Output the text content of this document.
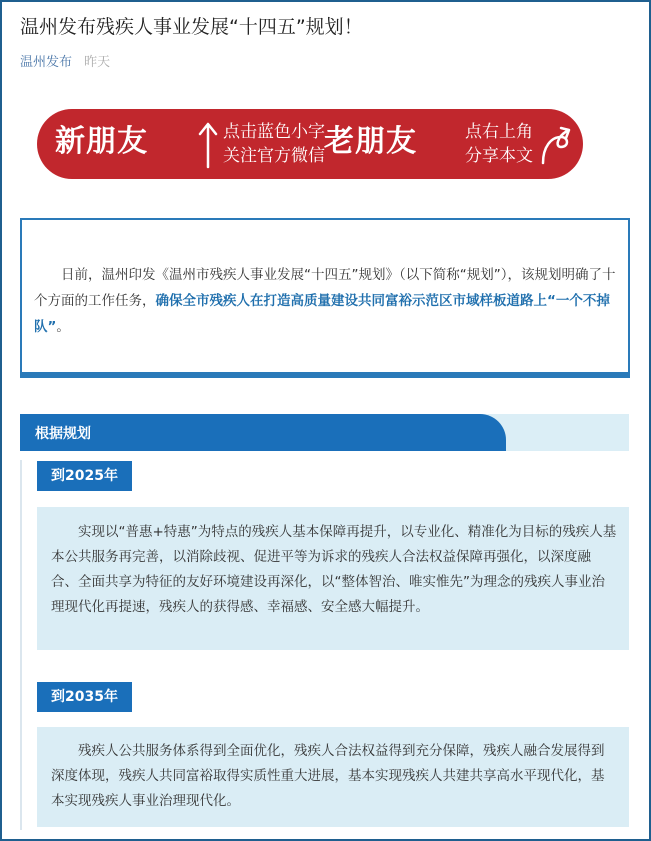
温州发布残疾人事业发展“十四五”规划！
温州发布 昨天
新朋友	点击蓝色小字
关注官方微信 老朋友	点右上角
分享本文

日前，温州印发《温州市残疾人事业发展“十四五”规划》（以下简称“规划”），该规划明确了十个方面的工作任务，确保全市残疾人在打造高质量建设共同富裕示范区市域样板道路上“一个不掉队”。

根据规划
到2025年

实现以“普惠+特惠”为特点的残疾人基本保障再提升，以专业化、精准化为目标的残疾人基本公共服务再完善，以消除歧视、促进平等为诉求的残疾人合法权益保障再强化，以深度融合、全面共享为特征的友好环境建设再深化，以“整体智治、唯实惟先”为理念的残疾人事业治理现代化再提速，残疾人的获得感、幸福感、安全感大幅提升。

到2035年

残疾人公共服务体系得到全面优化，残疾人合法权益得到充分保障，残疾人融合发展得到深度体现，残疾人共同富裕取得实质性重大进展，基本实现残疾人共建共享高水平现代化，基本实现残疾人事业治理现代化。
